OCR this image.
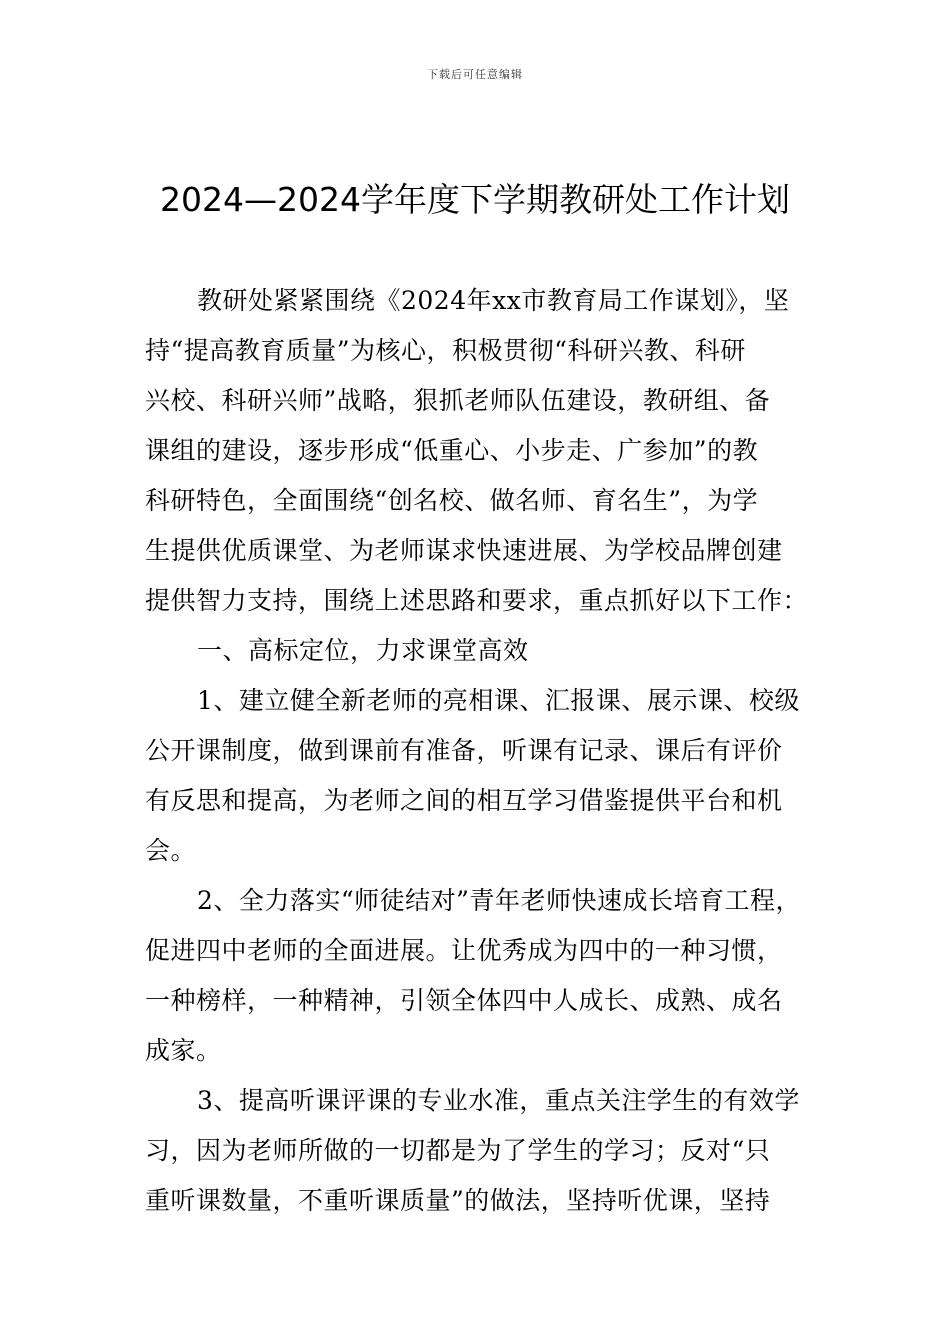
下载后可任意编辑
2024—2024学年度下学期教研处工作计划
教研处紧紧围绕《2024年xx市教育局工作谋划》，坚
持“提高教育质量”为核心，积极贯彻“科研兴教、科研
兴校、科研兴师”战略，狠抓老师队伍建设，教研组、备
课组的建设，逐步形成“低重心、小步走、广参加”的教
科研特色，全面围绕“创名校、做名师、育名生”，为学
生提供优质课堂、为老师谋求快速进展、为学校品牌创建
提供智力支持，围绕上述思路和要求，重点抓好以下工作：
一、高标定位，力求课堂高效
1、建立健全新老师的亮相课、汇报课、展示课、校级
公开课制度，做到课前有准备，听课有记录、课后有评价
有反思和提高，为老师之间的相互学习借鉴提供平台和机
会。
2、全力落实“师徒结对”青年老师快速成长培育工程，
促进四中老师的全面进展。让优秀成为四中的一种习惯，
一种榜样，一种精神，引领全体四中人成长、成熟、成名
成家。
3、提高听课评课的专业水准，重点关注学生的有效学
习，因为老师所做的一切都是为了学生的学习；反对“只
重听课数量，不重听课质量”的做法，坚持听优课，坚持
